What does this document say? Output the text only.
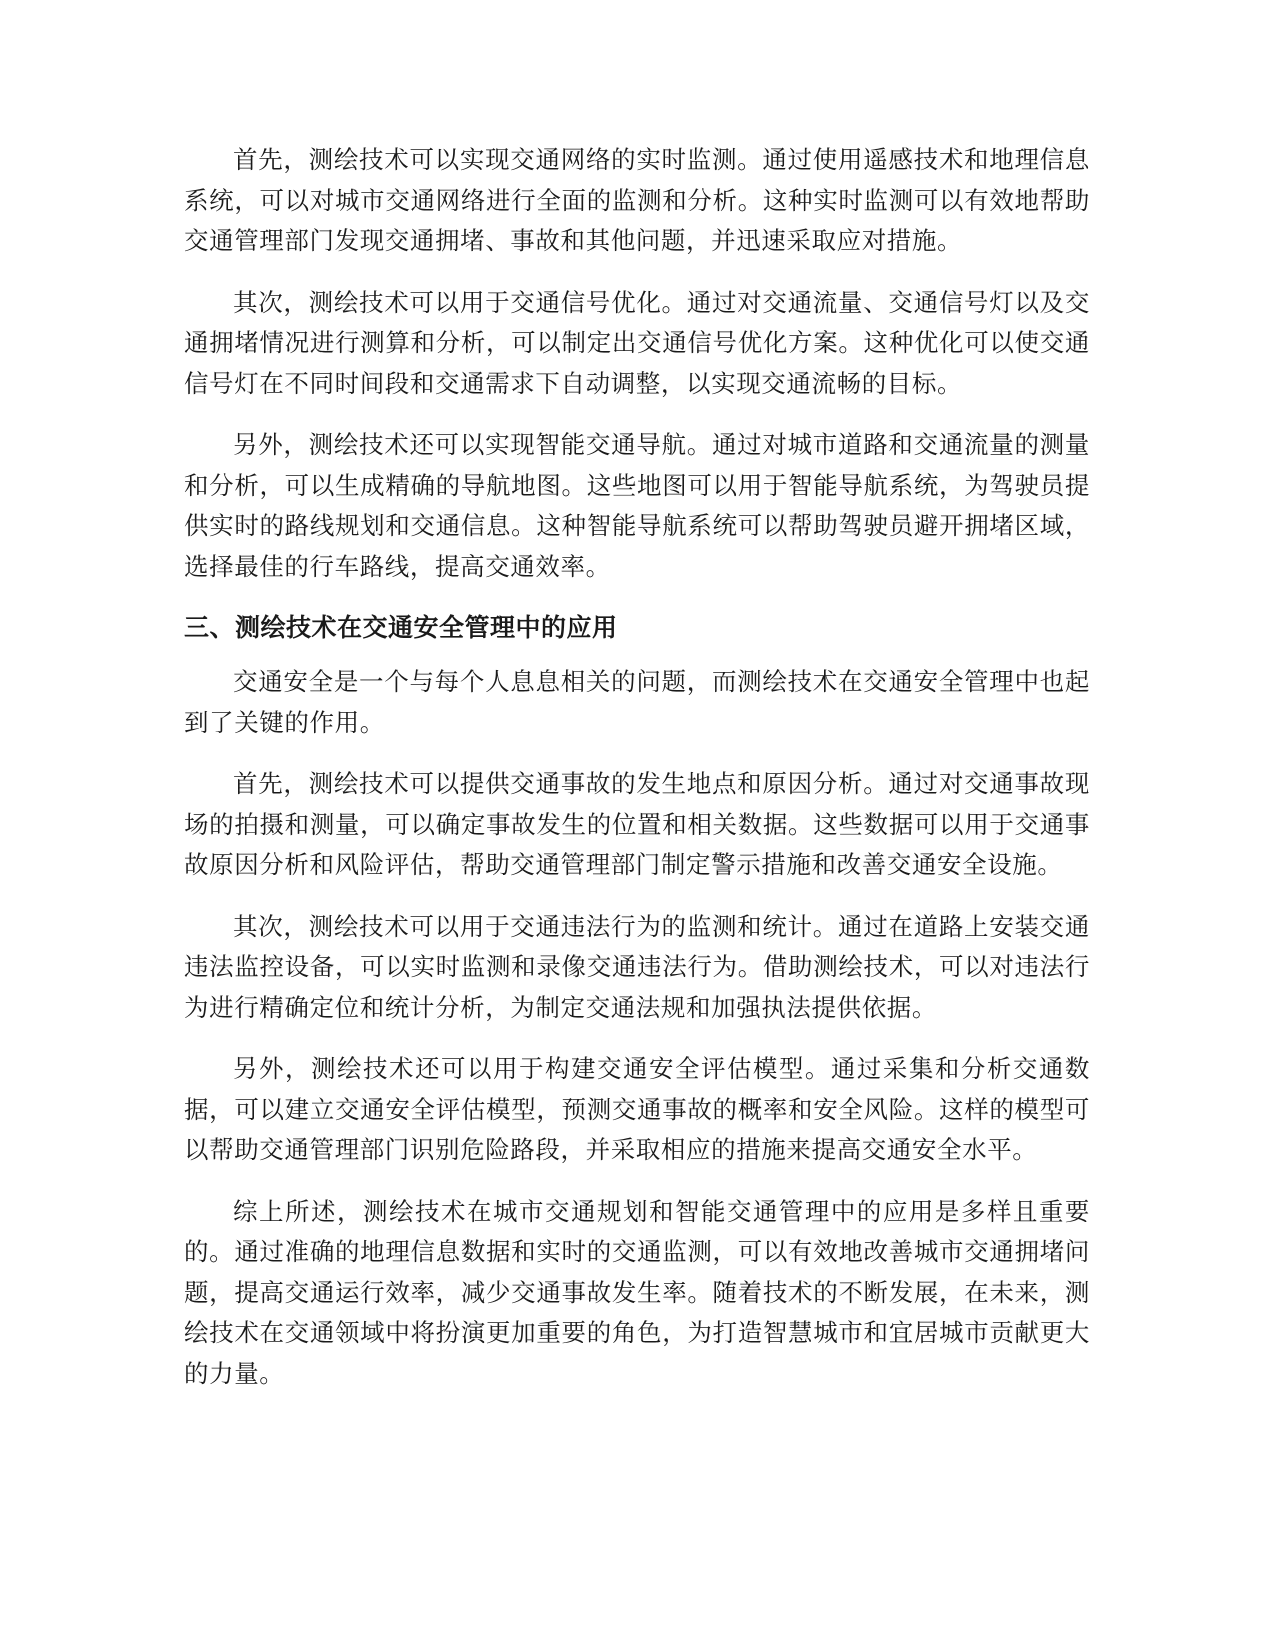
首先，测绘技术可以实现交通网络的实时监测。通过使用遥感技术和地理信息系统，可以对城市交通网络进行全面的监测和分析。这种实时监测可以有效地帮助交通管理部门发现交通拥堵、事故和其他问题，并迅速采取应对措施。

其次，测绘技术可以用于交通信号优化。通过对交通流量、交通信号灯以及交通拥堵情况进行测算和分析，可以制定出交通信号优化方案。这种优化可以使交通信号灯在不同时间段和交通需求下自动调整，以实现交通流畅的目标。

另外，测绘技术还可以实现智能交通导航。通过对城市道路和交通流量的测量和分析，可以生成精确的导航地图。这些地图可以用于智能导航系统，为驾驶员提供实时的路线规划和交通信息。这种智能导航系统可以帮助驾驶员避开拥堵区域，选择最佳的行车路线，提高交通效率。

三、测绘技术在交通安全管理中的应用

交通安全是一个与每个人息息相关的问题，而测绘技术在交通安全管理中也起到了关键的作用。

首先，测绘技术可以提供交通事故的发生地点和原因分析。通过对交通事故现场的拍摄和测量，可以确定事故发生的位置和相关数据。这些数据可以用于交通事故原因分析和风险评估，帮助交通管理部门制定警示措施和改善交通安全设施。

其次，测绘技术可以用于交通违法行为的监测和统计。通过在道路上安装交通违法监控设备，可以实时监测和录像交通违法行为。借助测绘技术，可以对违法行为进行精确定位和统计分析，为制定交通法规和加强执法提供依据。

另外，测绘技术还可以用于构建交通安全评估模型。通过采集和分析交通数据，可以建立交通安全评估模型，预测交通事故的概率和安全风险。这样的模型可以帮助交通管理部门识别危险路段，并采取相应的措施来提高交通安全水平。

综上所述，测绘技术在城市交通规划和智能交通管理中的应用是多样且重要的。通过准确的地理信息数据和实时的交通监测，可以有效地改善城市交通拥堵问题，提高交通运行效率，减少交通事故发生率。随着技术的不断发展，在未来，测绘技术在交通领域中将扮演更加重要的角色，为打造智慧城市和宜居城市贡献更大的力量。
